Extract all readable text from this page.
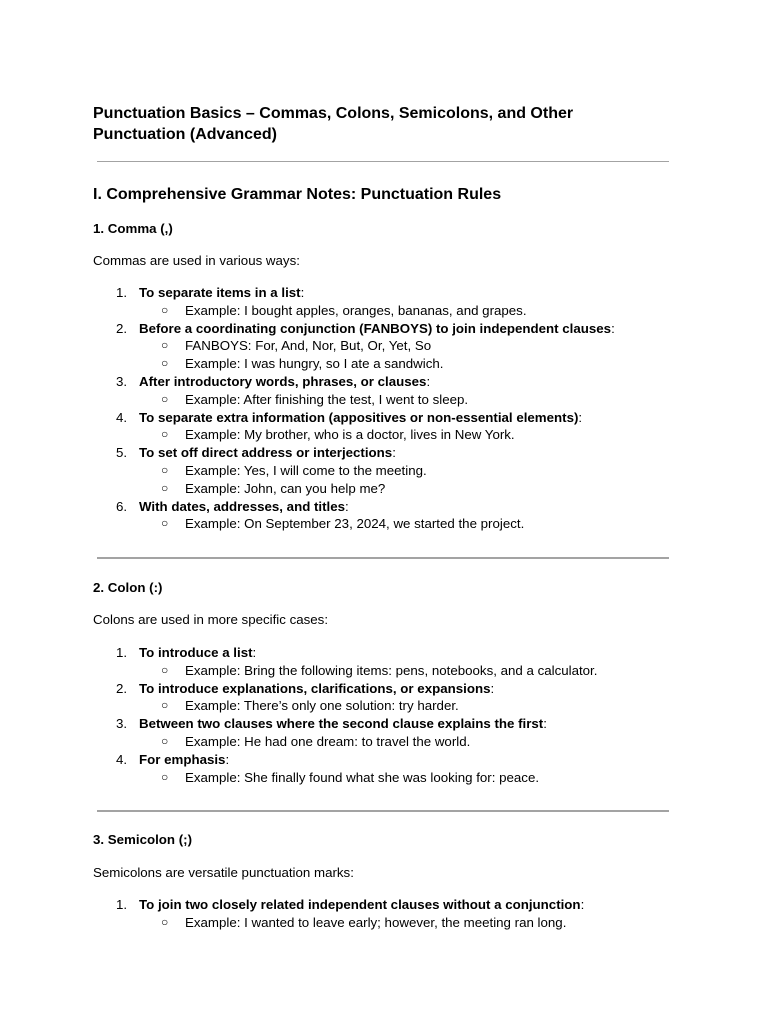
Punctuation Basics – Commas, Colons, Semicolons, and Other Punctuation (Advanced)
I. Comprehensive Grammar Notes: Punctuation Rules
1. Comma (,)

Commas are used in various ways:

1. To separate items in a list:
○ Example: I bought apples, oranges, bananas, and grapes.
2. Before a coordinating conjunction (FANBOYS) to join independent clauses:
○ FANBOYS: For, And, Nor, But, Or, Yet, So
○ Example: I was hungry, so I ate a sandwich.
3. After introductory words, phrases, or clauses:
○ Example: After finishing the test, I went to sleep.
4. To separate extra information (appositives or non-essential elements):
○ Example: My brother, who is a doctor, lives in New York.
5. To set off direct address or interjections:
○ Example: Yes, I will come to the meeting.
○ Example: John, can you help me?
6. With dates, addresses, and titles:
○ Example: On September 23, 2024, we started the project.
2. Colon (:)

Colons are used in more specific cases:

1. To introduce a list:
○ Example: Bring the following items: pens, notebooks, and a calculator.
2. To introduce explanations, clarifications, or expansions:
○ Example: There’s only one solution: try harder.
3. Between two clauses where the second clause explains the first:
○ Example: He had one dream: to travel the world.
4. For emphasis:
○ Example: She finally found what she was looking for: peace.
3. Semicolon (;)

Semicolons are versatile punctuation marks:

1. To join two closely related independent clauses without a conjunction:
○ Example: I wanted to leave early; however, the meeting ran long.
